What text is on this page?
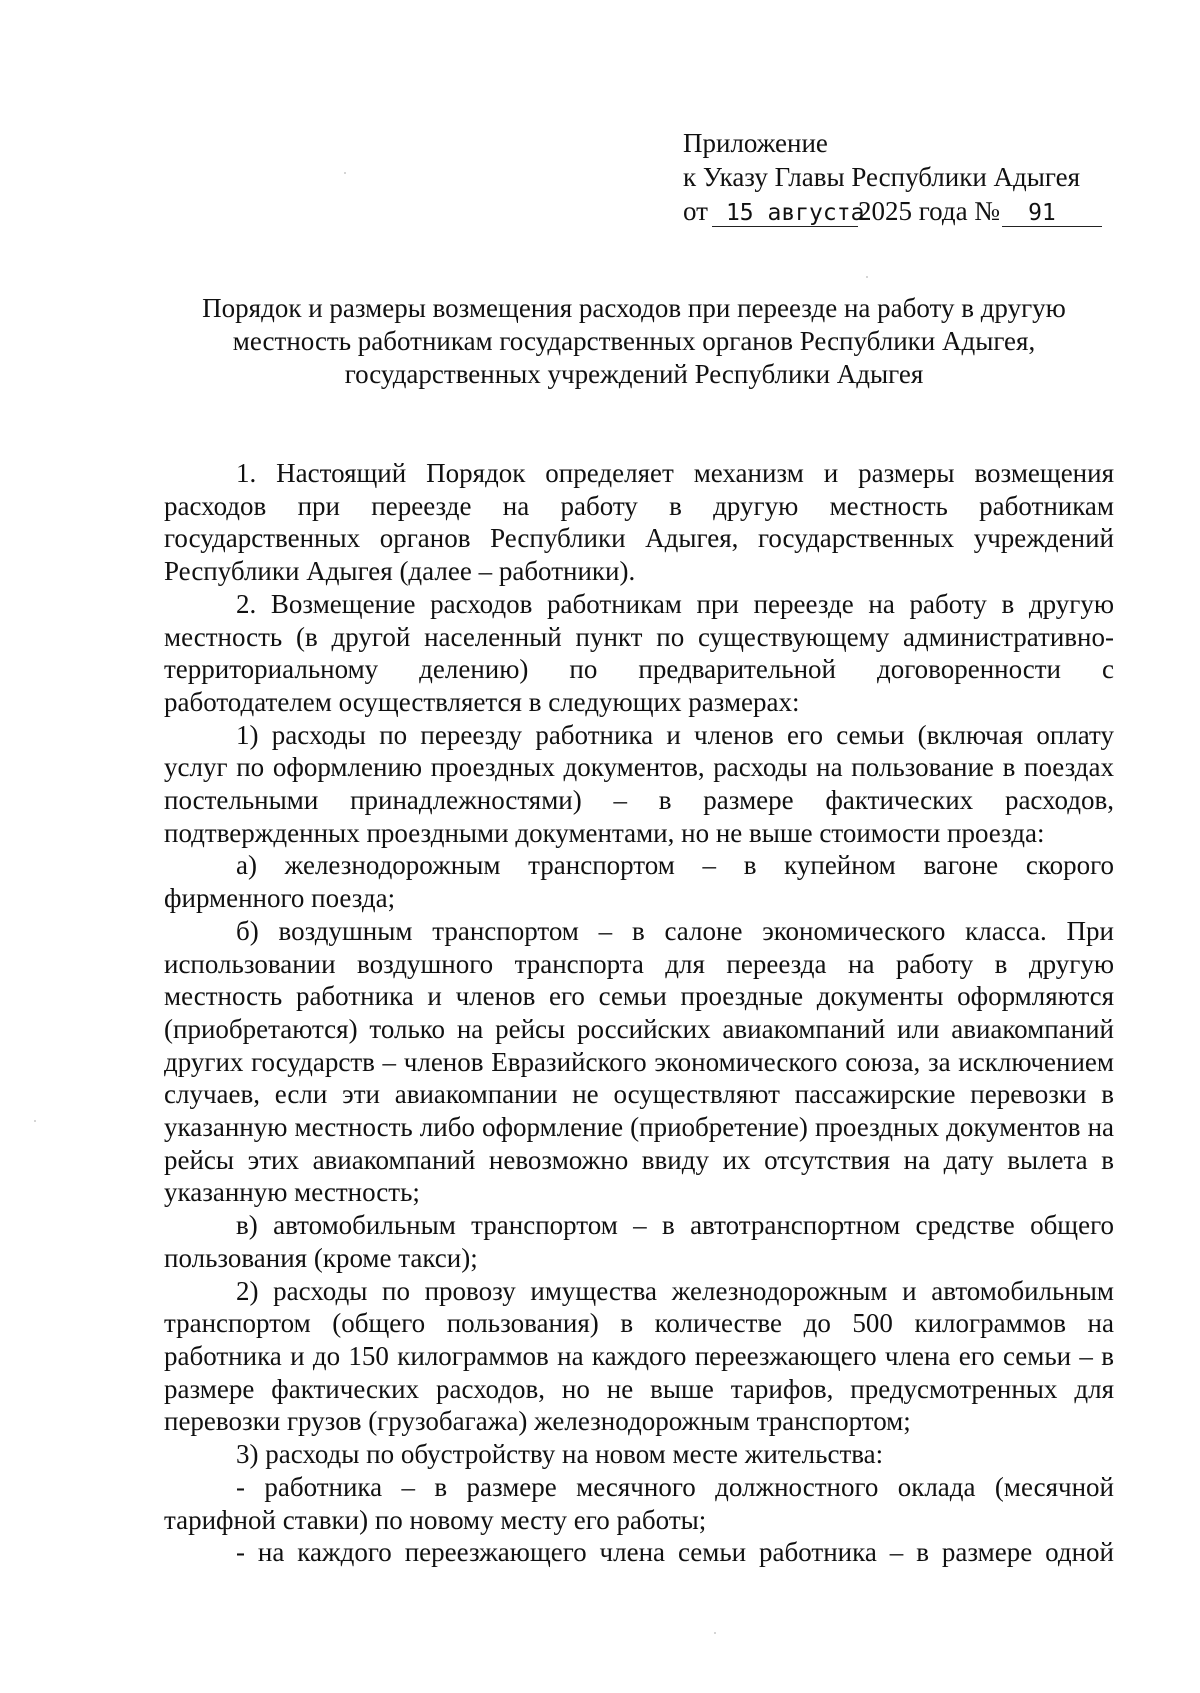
Приложение
к Указу Главы Республики Адыгея
от 15 августа2025 года № 91
Порядок и размеры возмещения расходов при переезде на работу в другую
местность работникам государственных органов Республики Адыгея,
государственных учреждений Республики Адыгея

1. Настоящий Порядок определяет механизм и размеры возмещения расходов при переезде на работу в другую местность работникам государственных органов Республики Адыгея, государственных учреждений Республики Адыгея (далее – работники).

2. Возмещение расходов работникам при переезде на работу в другую местность (в другой населенный пункт по существующему административно-территориальному делению) по предварительной договоренности с работодателем осуществляется в следующих размерах:

1) расходы по переезду работника и членов его семьи (включая оплату услуг по оформлению проездных документов, расходы на пользование в поездах постельными принадлежностями) – в размере фактических расходов, подтвержденных проездными документами, но не выше стоимости проезда:

а) железнодорожным транспортом – в купейном вагоне скорого фирменного поезда;

б) воздушным транспортом – в салоне экономического класса. При использовании воздушного транспорта для переезда на работу в другую местность работника и членов его семьи проездные документы оформляются (приобретаются) только на рейсы российских авиакомпаний или авиакомпаний других государств – членов Евразийского экономического союза, за исключением случаев, если эти авиакомпании не осуществляют пассажирские перевозки в указанную местность либо оформление (приобретение) проездных документов на рейсы этих авиакомпаний невозможно ввиду их отсутствия на дату вылета в указанную местность;

в) автомобильным транспортом – в автотранспортном средстве общего пользования (кроме такси);

2) расходы по провозу имущества железнодорожным и автомобильным транспортом (общего пользования) в количестве до 500 килограммов на работника и до 150 килограммов на каждого переезжающего члена его семьи – в размере фактических расходов, но не выше тарифов, предусмотренных для перевозки грузов (грузобагажа) железнодорожным транспортом;

3) расходы по обустройству на новом месте жительства:

- работника – в размере месячного должностного оклада (месячной тарифной ставки) по новому месту его работы;

- на каждого переезжающего члена семьи работника – в размере одной
